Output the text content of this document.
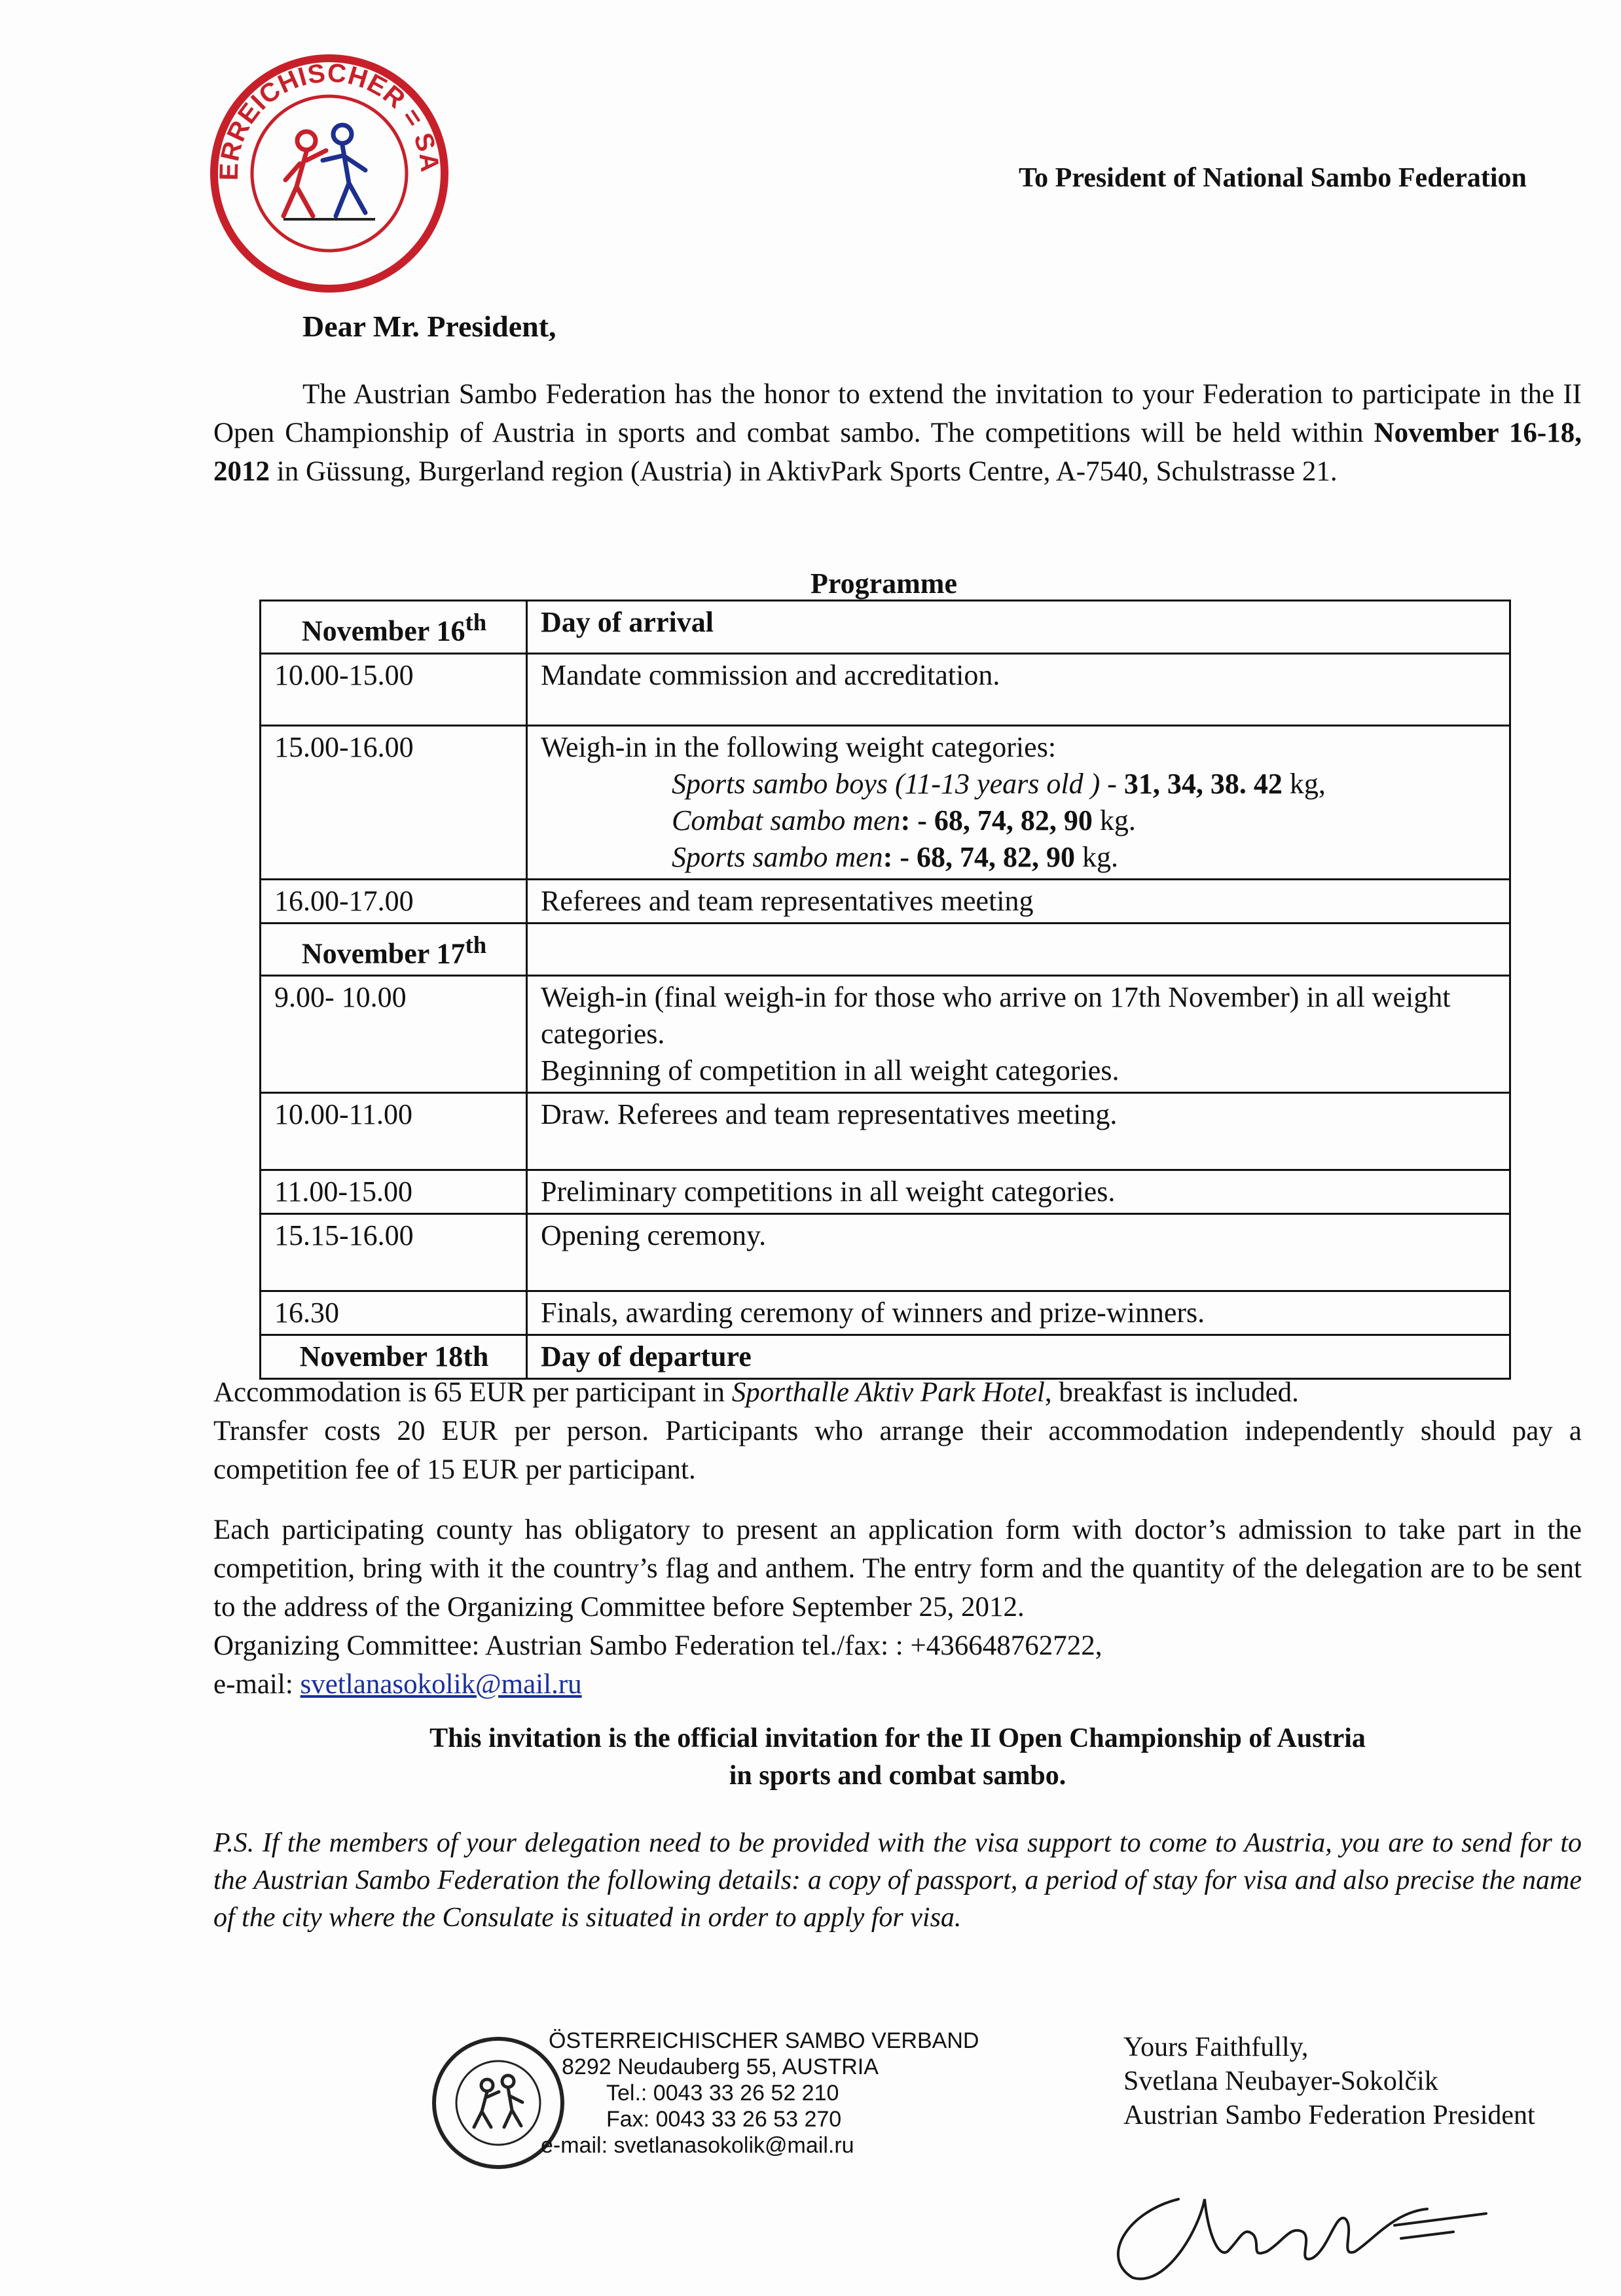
ERREICHISCHER = SA
To President of National Sambo Federation
Dear Mr. President,
The Austrian Sambo Federation has the honor to extend the invitation to your Federation to participate in the II Open Championship of Austria in sports and combat sambo. The competitions will be held within November 16-18, 2012 in Güssung, Burgerland region (Austria) in AktivPark Sports Centre, A-7540, Schulstrasse 21.
Programme
November 16th	Day of arrival
10.00-15.00	Mandate commission and accreditation.
15.00-16.00	Weigh-in in the following weight categories:
Sports sambo boys (11-13 years old ) - 31, 34, 38. 42 kg,
Combat sambo men: - 68, 74, 82, 90 kg.
Sports sambo men: - 68, 74, 82, 90 kg.

16.00-17.00	Referees and team representatives meeting
November 17th	
9.00- 10.00	Weigh-in (final weigh-in for those who arrive on 17th November) in all weight categories.
Beginning of competition in all weight categories.

10.00-11.00	Draw. Referees and team representatives meeting.
11.00-15.00	Preliminary competitions in all weight categories.
15.15-16.00	Opening ceremony.
16.30	Finals, awarding ceremony of winners and prize-winners.
November 18th	Day of departure
Accommodation is 65 EUR per participant in Sporthalle Aktiv Park Hotel, breakfast is included.
Transfer costs 20 EUR per person. Participants who arrange their accommodation independently should pay a competition fee of 15 EUR per participant.
Each participating county has obligatory to present an application form with doctor’s admission to take part in the competition, bring with it the country’s flag and anthem. The entry form and the quantity of the delegation are to be sent to the address of the Organizing Committee before September 25, 2012.
Organizing Committee: Austrian Sambo Federation tel./fax: : +436648762722,
e-mail: svetlanasokolik@mail.ru
This invitation is the official invitation for the II Open Championship of Austria
in sports and combat sambo.
P.S. If the members of your delegation need to be provided with the visa support to come to Austria, you are to send for to the Austrian Sambo Federation the following details: a copy of passport, a period of stay for visa and also precise the name of the city where the Consulate is situated in order to apply for visa.
ÖSTERREICHISCHER SAMBO VERBAND
8292 Neudauberg 55, AUSTRIA
Tel.: 0043 33 26 52 210
Fax: 0043 33 26 53 270
e-mail: svetlanasokolik@mail.ru
Yours Faithfully,
Svetlana Neubayer-Sokolčik
Austrian Sambo Federation President
